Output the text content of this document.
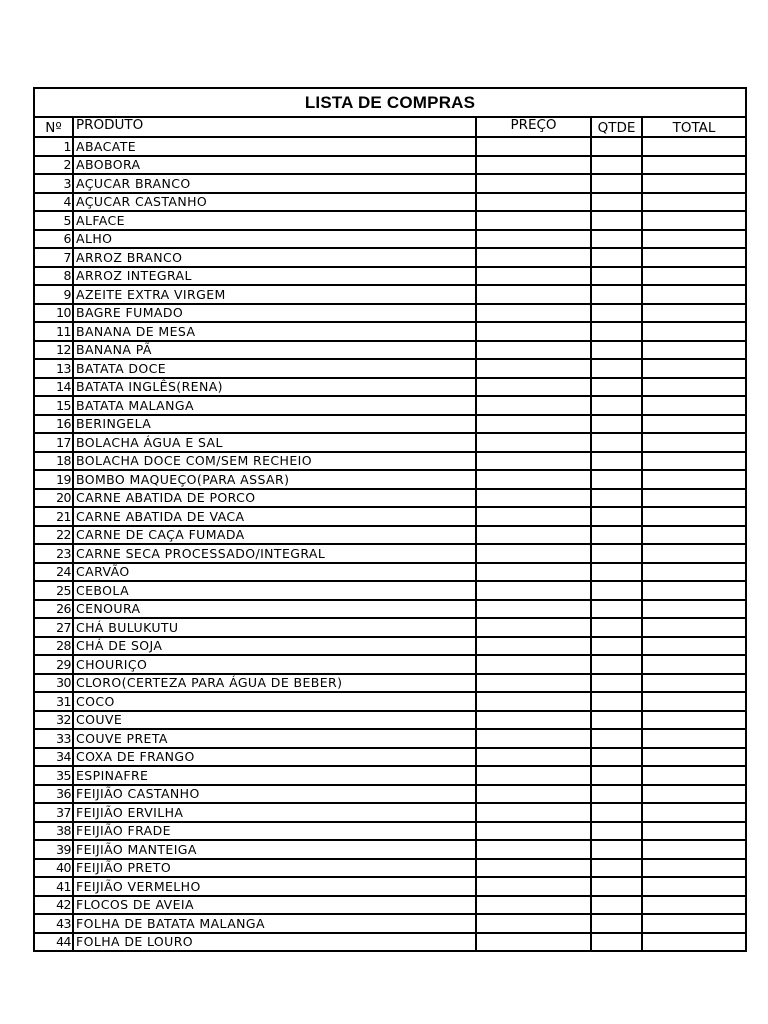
LISTA DE COMPRAS
Nº	PRODUTO	PREÇO	QTDE	TOTAL
1	ABACATE			
2	ABOBORA			
3	AÇUCAR BRANCO			
4	AÇUCAR CASTANHO			
5	ALFACE			
6	ALHO			
7	ARROZ BRANCO			
8	ARROZ INTEGRAL			
9	AZEITE EXTRA VIRGEM			
10	BAGRE FUMADO			
11	BANANA DE MESA			
12	BANANA PÃ			
13	BATATA DOCE			
14	BATATA INGLÊS(RENA)			
15	BATATA MALANGA			
16	BERINGELA			
17	BOLACHA ÁGUA E SAL			
18	BOLACHA DOCE COM/SEM RECHEIO			
19	BOMBO MAQUEÇO(PARA ASSAR)			
20	CARNE ABATIDA DE PORCO			
21	CARNE ABATIDA DE VACA			
22	CARNE DE CAÇA FUMADA			
23	CARNE SECA PROCESSADO/INTEGRAL			
24	CARVÃO			
25	CEBOLA			
26	CENOURA			
27	CHÁ BULUKUTU			
28	CHÁ DE SOJA			
29	CHOURIÇO			
30	CLORO(CERTEZA PARA ÁGUA DE BEBER)			
31	COCO			
32	COUVE			
33	COUVE PRETA			
34	COXA DE FRANGO			
35	ESPINAFRE			
36	FEIJIÃO CASTANHO			
37	FEIJIÃO ERVILHA			
38	FEIJIÃO FRADE			
39	FEIJIÃO MANTEIGA			
40	FEIJIÃO PRETO			
41	FEIJIÃO VERMELHO			
42	FLOCOS DE AVEIA			
43	FOLHA DE BATATA MALANGA			
44	FOLHA DE LOURO			
